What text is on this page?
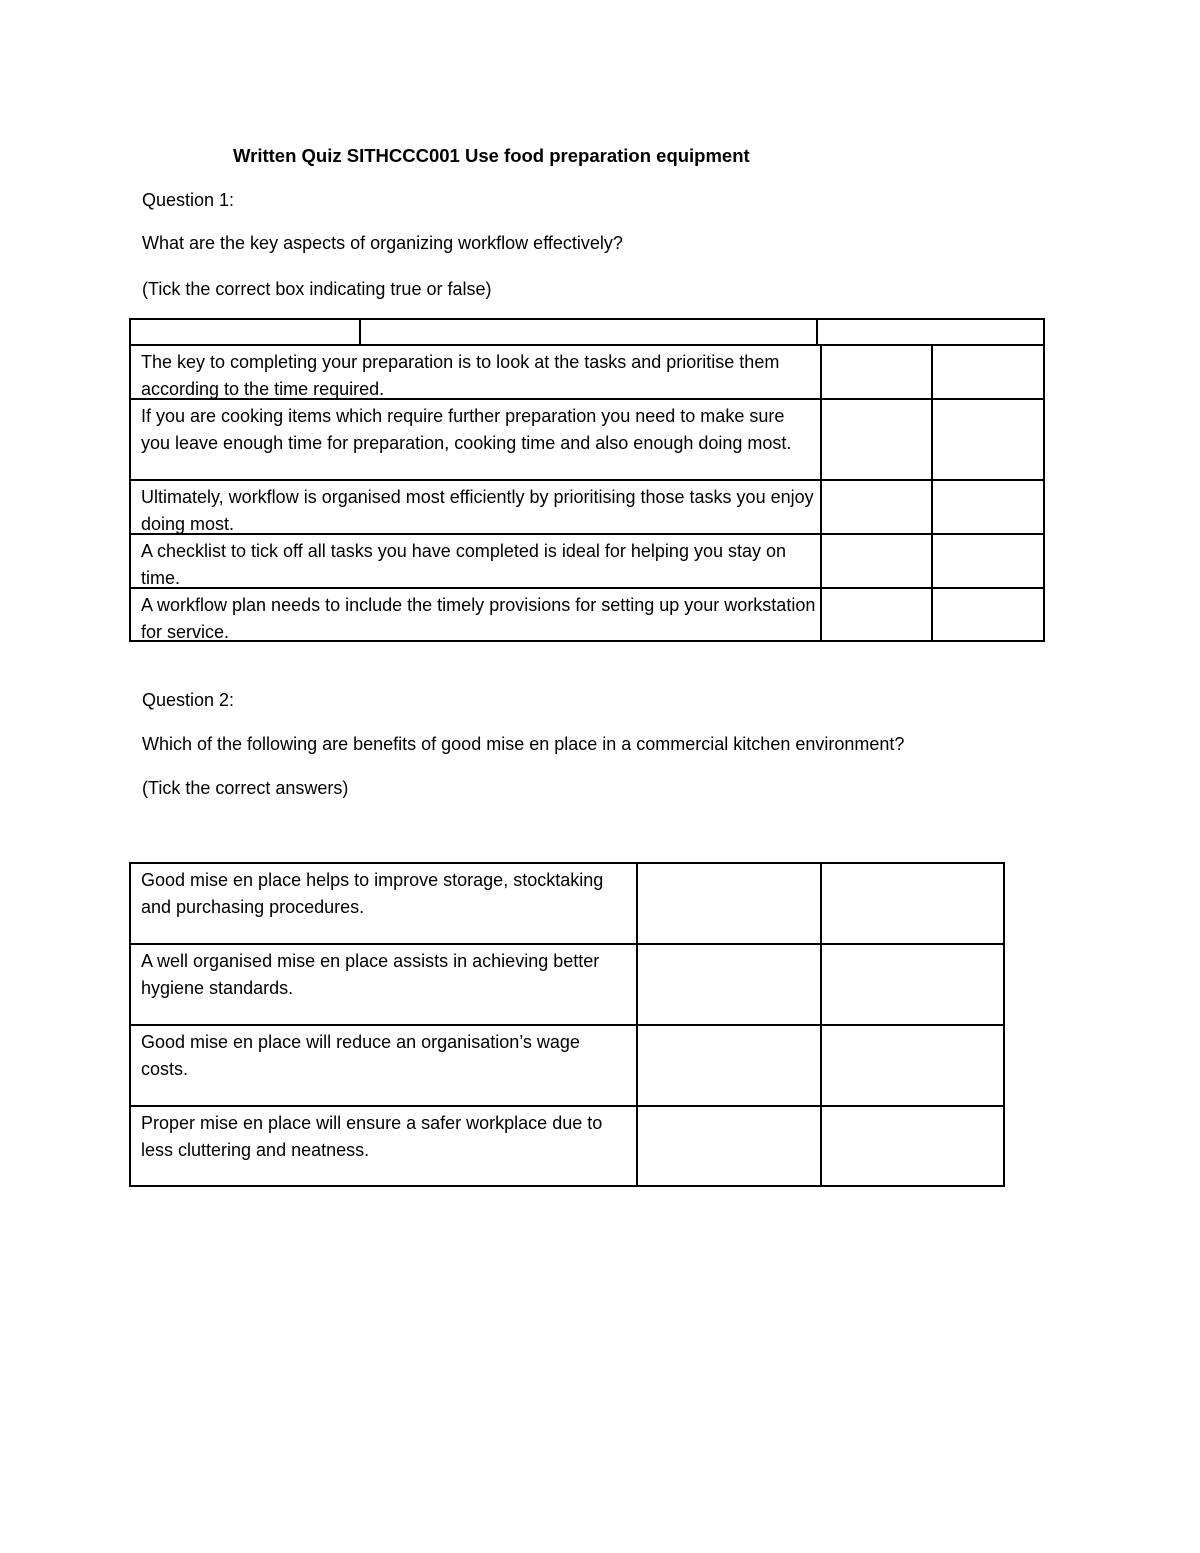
Written Quiz SITHCCC001 Use food preparation equipment
Question 1:
What are the key aspects of organizing workflow effectively?
(Tick the correct box indicating true or false)
The key to completing your preparation is to look at the tasks and prioritise them according to the time required.
If you are cooking items which require further preparation you need to make sure you leave enough time for preparation, cooking time and also enough doing most.
Ultimately, workflow is organised most efficiently by prioritising those tasks you enjoy doing most.
A checklist to tick off all tasks you have completed is ideal for helping you stay on time.
A workflow plan needs to include the timely provisions for setting up your workstation for service.
Question 2:
Which of the following are benefits of good mise en place in a commercial kitchen environment?
(Tick the correct answers)
Good mise en place helps to improve storage, stocktaking and purchasing procedures.
A well organised mise en place assists in achieving better hygiene standards.
Good mise en place will reduce an organisation’s wage costs.
Proper mise en place will ensure a safer workplace due to less cluttering and neatness.
